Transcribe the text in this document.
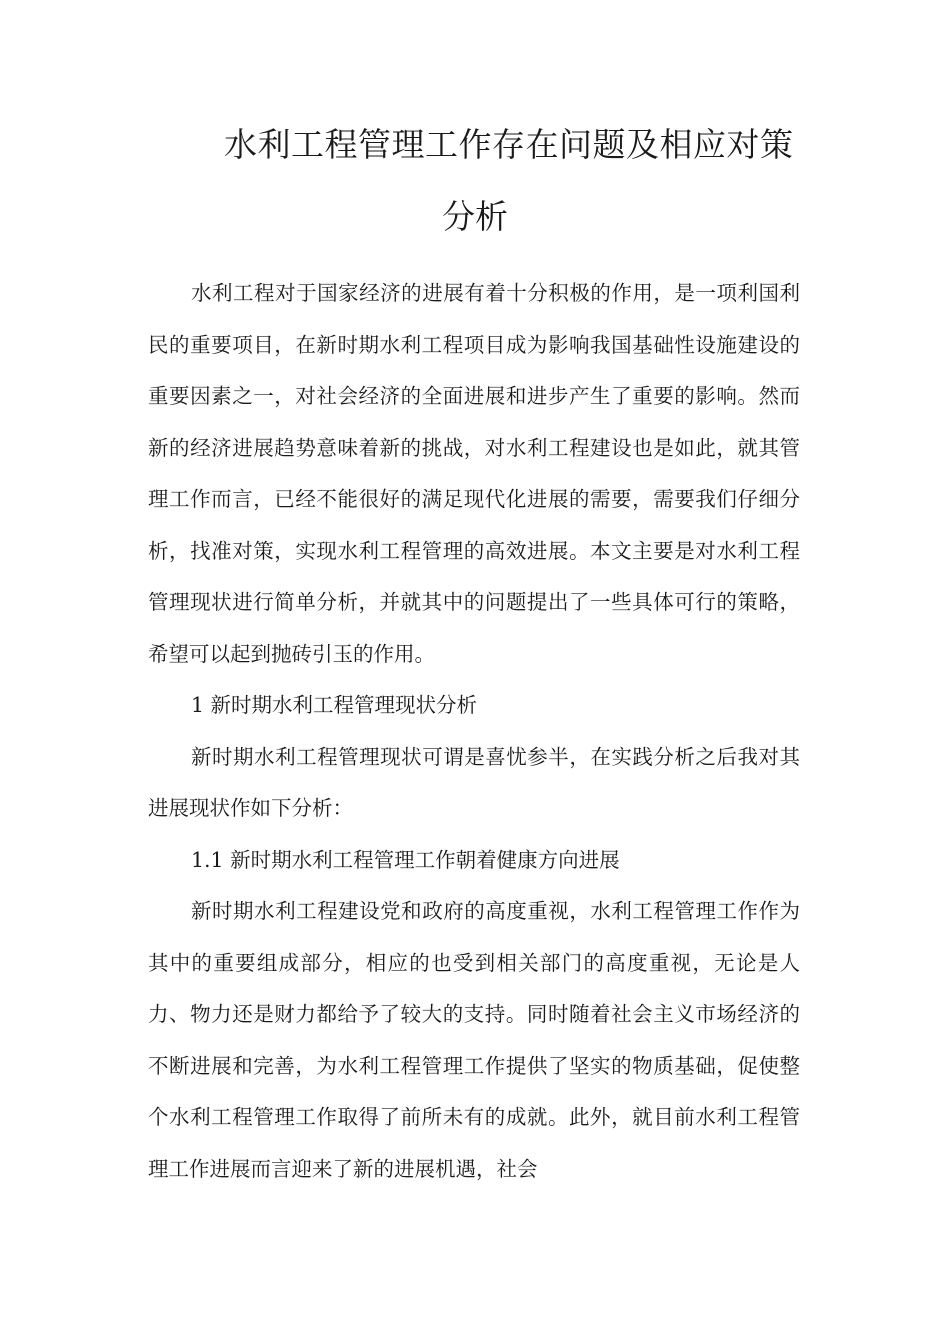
水利工程管理工作存在问题及相应对策
分析

水利工程对于国家经济的进展有着十分积极的作用，是一项利国利民的重要项目，在新时期水利工程项目成为影响我国基础性设施建设的重要因素之一，对社会经济的全面进展和进步产生了重要的影响。然而新的经济进展趋势意味着新的挑战，对水利工程建设也是如此，就其管理工作而言，已经不能很好的满足现代化进展的需要，需要我们仔细分析，找准对策，实现水利工程管理的高效进展。本文主要是对水利工程管理现状进行简单分析，并就其中的问题提出了一些具体可行的策略，希望可以起到抛砖引玉的作用。

1 新时期水利工程管理现状分析

新时期水利工程管理现状可谓是喜忧参半，在实践分析之后我对其进展现状作如下分析：

1.1 新时期水利工程管理工作朝着健康方向进展

新时期水利工程建设党和政府的高度重视，水利工程管理工作作为其中的重要组成部分，相应的也受到相关部门的高度重视，无论是人力、物力还是财力都给予了较大的支持。同时随着社会主义市场经济的不断进展和完善，为水利工程管理工作提供了坚实的物质基础，促使整个水利工程管理工作取得了前所未有的成就。此外，就目前水利工程管理工作进展而言迎来了新的进展机遇，社会
